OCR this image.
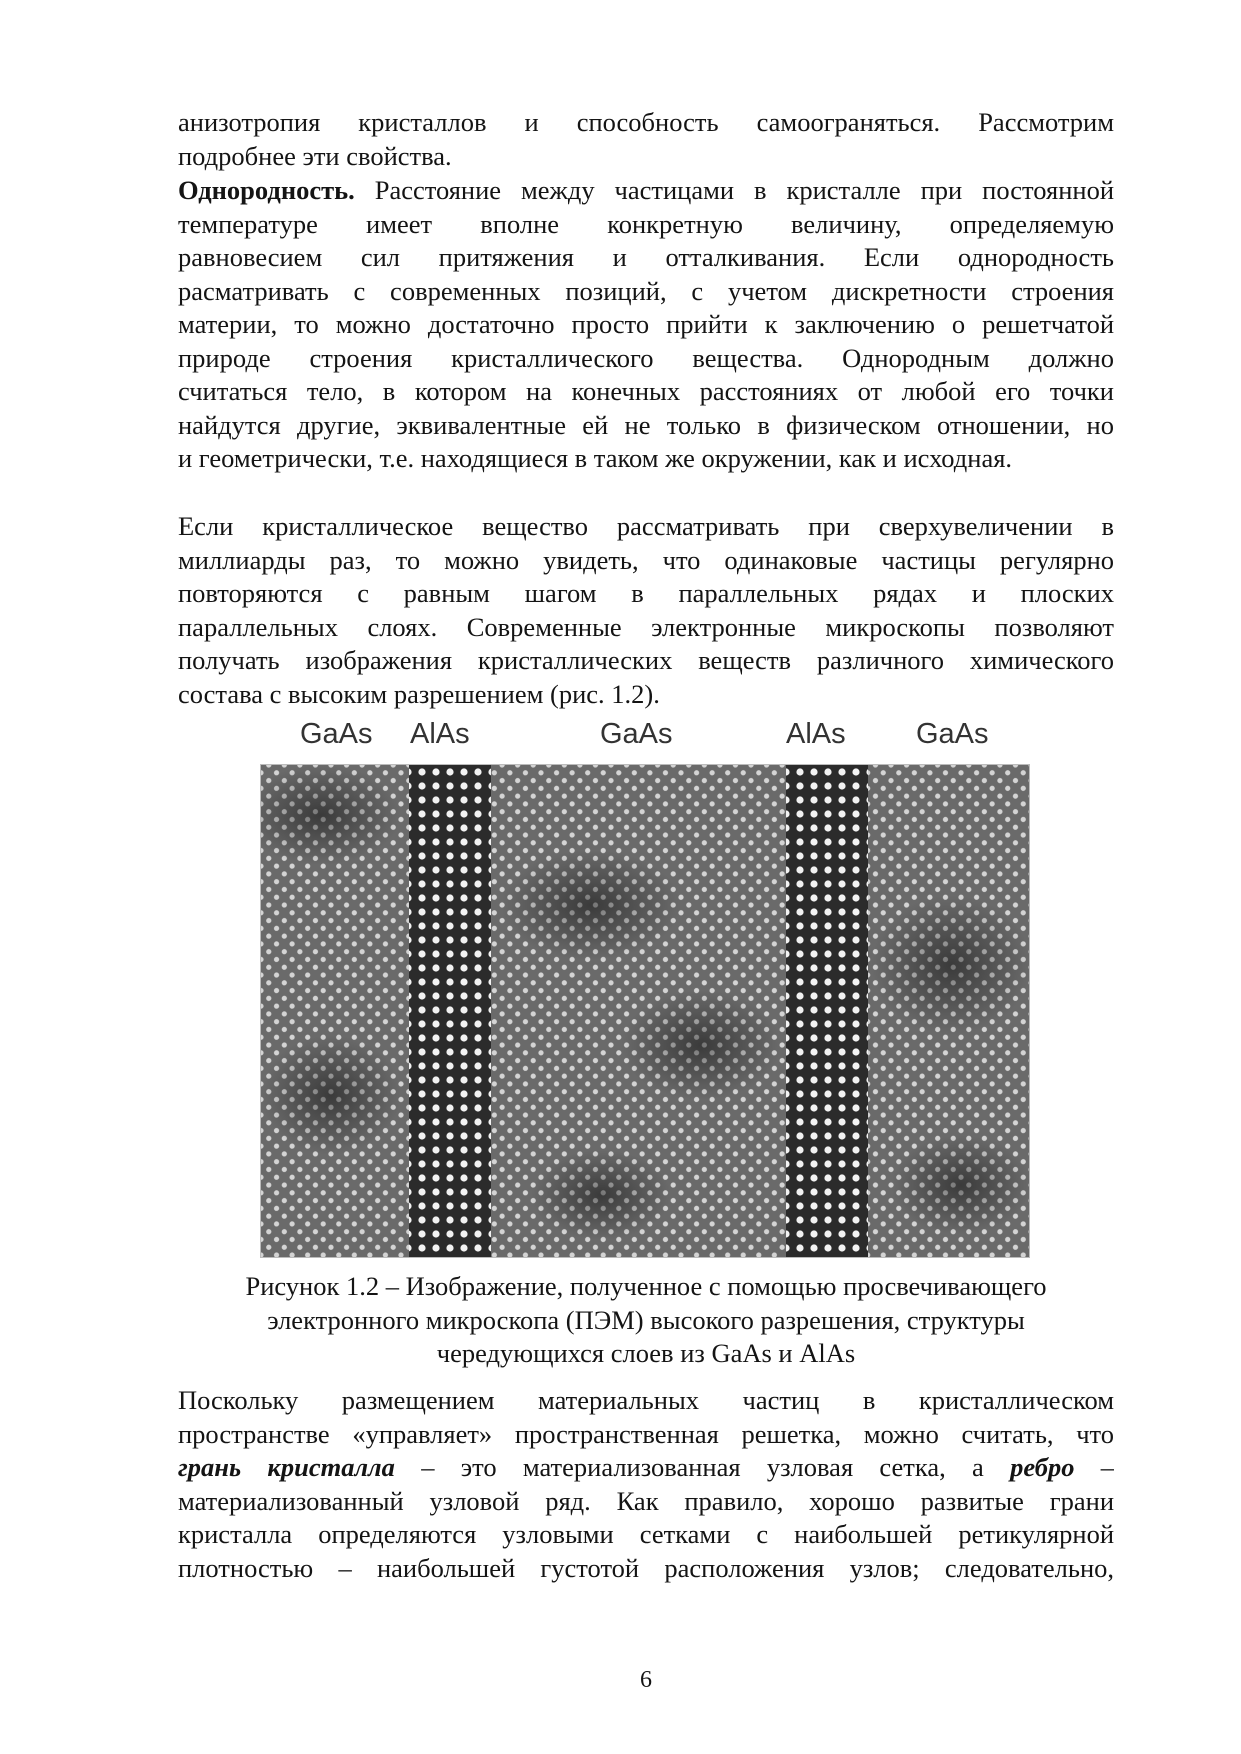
анизотропия кристаллов и способность самоограняться. Рассмотрим
подробнее эти свойства.

Однородность. Расстояние между частицами в кристалле при постоянной
температуре имеет вполне конкретную величину, определяемую
равновесием сил притяжения и отталкивания. Если однородность
расматривать с современных позиций, с учетом дискретности строения
материи, то можно достаточно просто прийти к заключению о решетчатой
природе строения кристаллического вещества. Однородным должно
считаться тело, в котором на конечных расстояниях от любой его точки
найдутся другие, эквивалентные ей не только в физическом отношении, но
и геометрически, т.е. находящиеся в таком же окружении, как и исходная.

Если кристаллическое вещество рассматривать при сверхувеличении в
миллиарды раз, то можно увидеть, что одинаковые частицы регулярно
повторяются с равным шагом в параллельных рядах и плоских
параллельных слоях. Современные электронные микроскопы позволяют
получать изображения кристаллических веществ различного химического
состава с высоким разрешением (рис. 1.2).

GaAs AlAs	GaAs	AlAs GaAs
Рисунок 1.2 – Изображение, полученное с помощью просвечивающего
электронного микроскопа (ПЭМ) высокого разрешения, структуры
чередующихся слоев из GaAs и AlAs

Поскольку размещением материальных частиц в кристаллическом
пространстве «управляет» пространственная решетка, можно считать, что
грань кристалла – это материализованная узловая сетка, а ребро –
материализованный узловой ряд. Как правило, хорошо развитые грани
кристалла определяются узловыми сетками с наибольшей ретикулярной
плотностью – наибольшей густотой расположения узлов; следовательно,

6
